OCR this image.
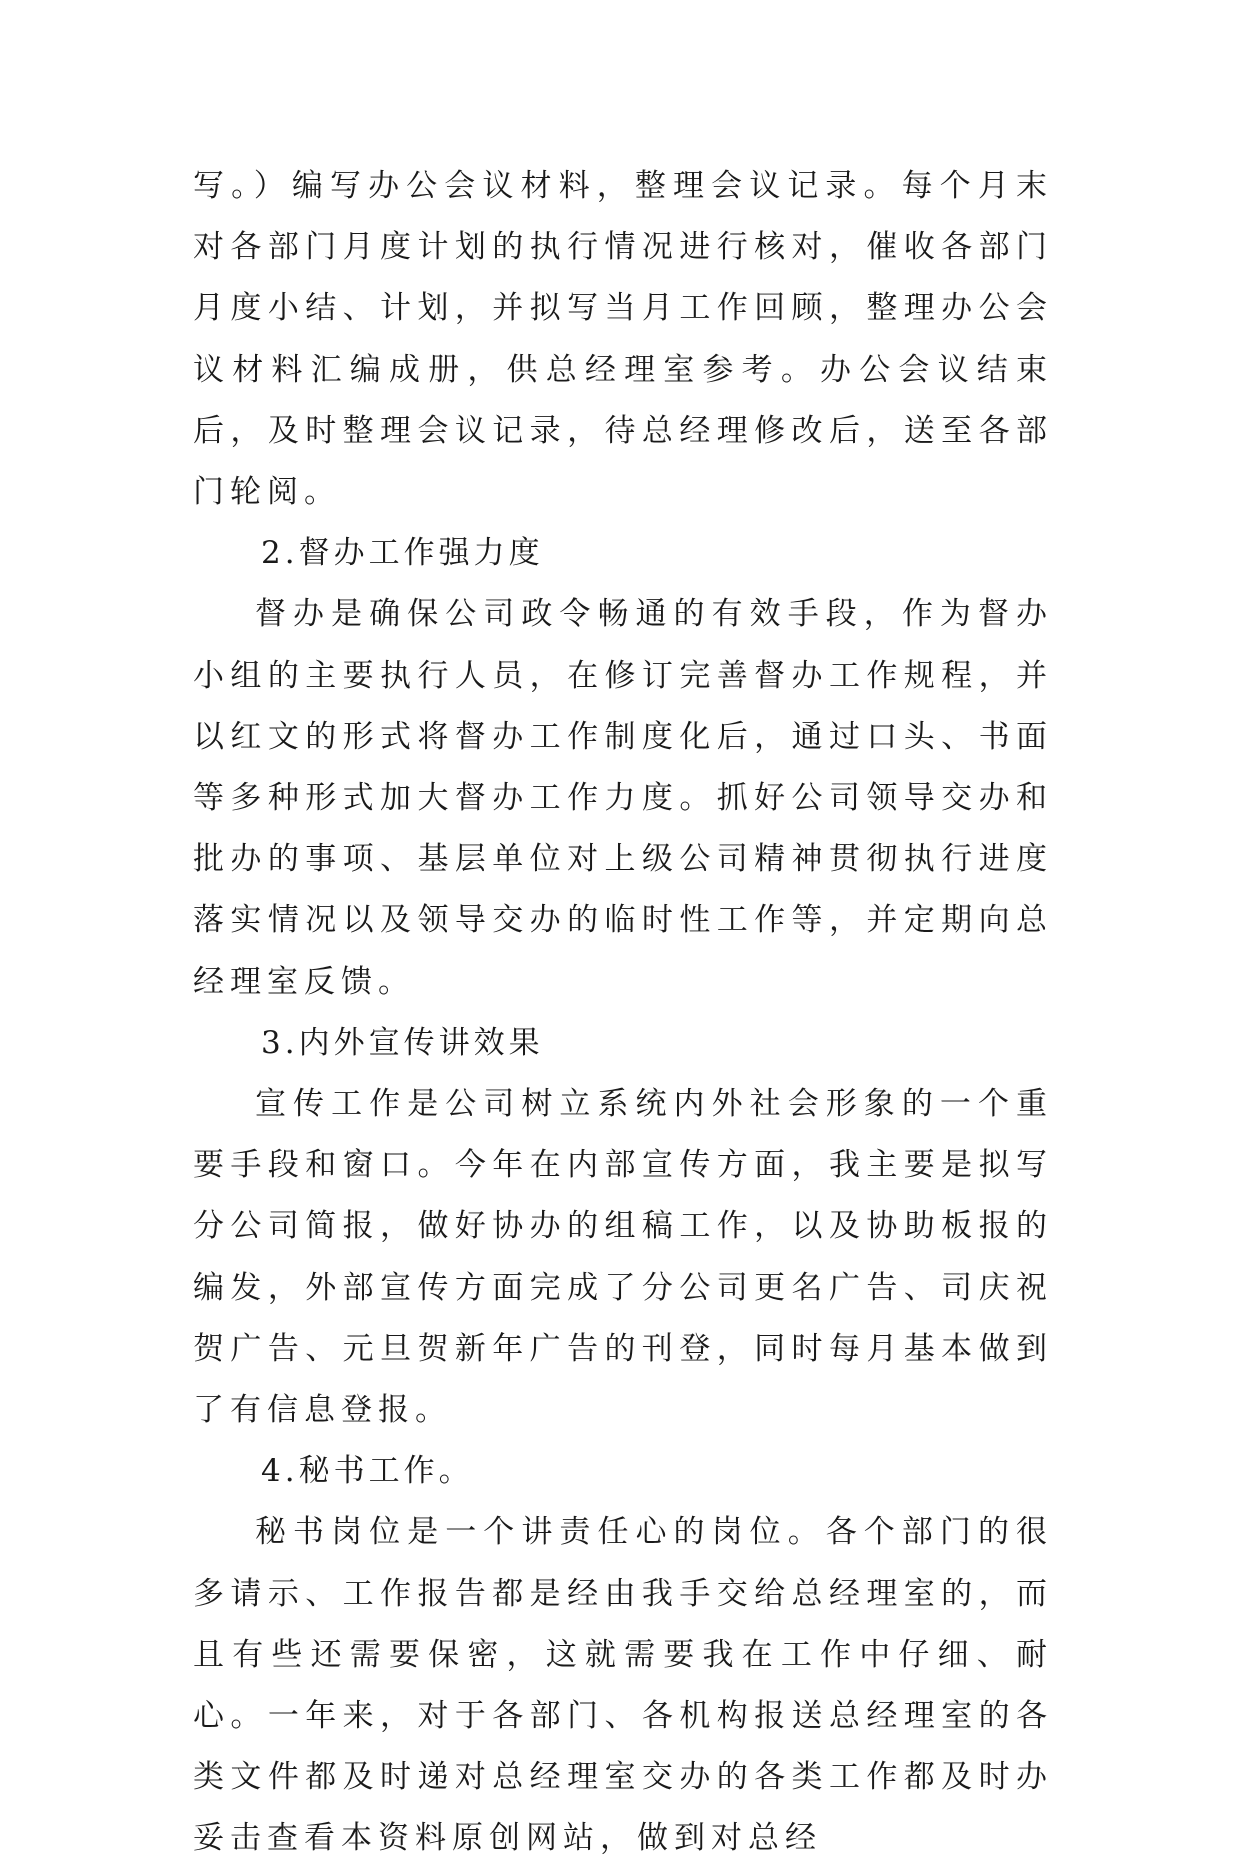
写。）编写办公会议材料，整理会议记录。每个月末对各部门月度计划的执行情况进行核对，催收各部门月度小结、计划，并拟写当月工作回顾，整理办公会议材料汇编成册，供总经理室参考。办公会议结束后，及时整理会议记录，待总经理修改后，送至各部门轮阅。

2.督办工作强力度

督办是确保公司政令畅通的有效手段，作为督办小组的主要执行人员，在修订完善督办工作规程，并以红文的形式将督办工作制度化后，通过口头、书面等多种形式加大督办工作力度。抓好公司领导交办和批办的事项、基层单位对上级公司精神贯彻执行进度落实情况以及领导交办的临时性工作等，并定期向总经理室反馈。

3.内外宣传讲效果

宣传工作是公司树立系统内外社会形象的一个重要手段和窗口。今年在内部宣传方面，我主要是拟写分公司简报，做好协办的组稿工作，以及协助板报的编发，外部宣传方面完成了分公司更名广告、司庆祝贺广告、元旦贺新年广告的刊登，同时每月基本做到了有信息登报。

4.秘书工作。

秘书岗位是一个讲责任心的岗位。各个部门的很多请示、工作报告都是经由我手交给总经理室的，而且有些还需要保密，这就需要我在工作中仔细、耐心。一年来，对于各部门、各机构报送总经理室的各类文件都及时递对总经理室交办的各类工作都及时办妥击查看本资料原创网站，做到对总经
